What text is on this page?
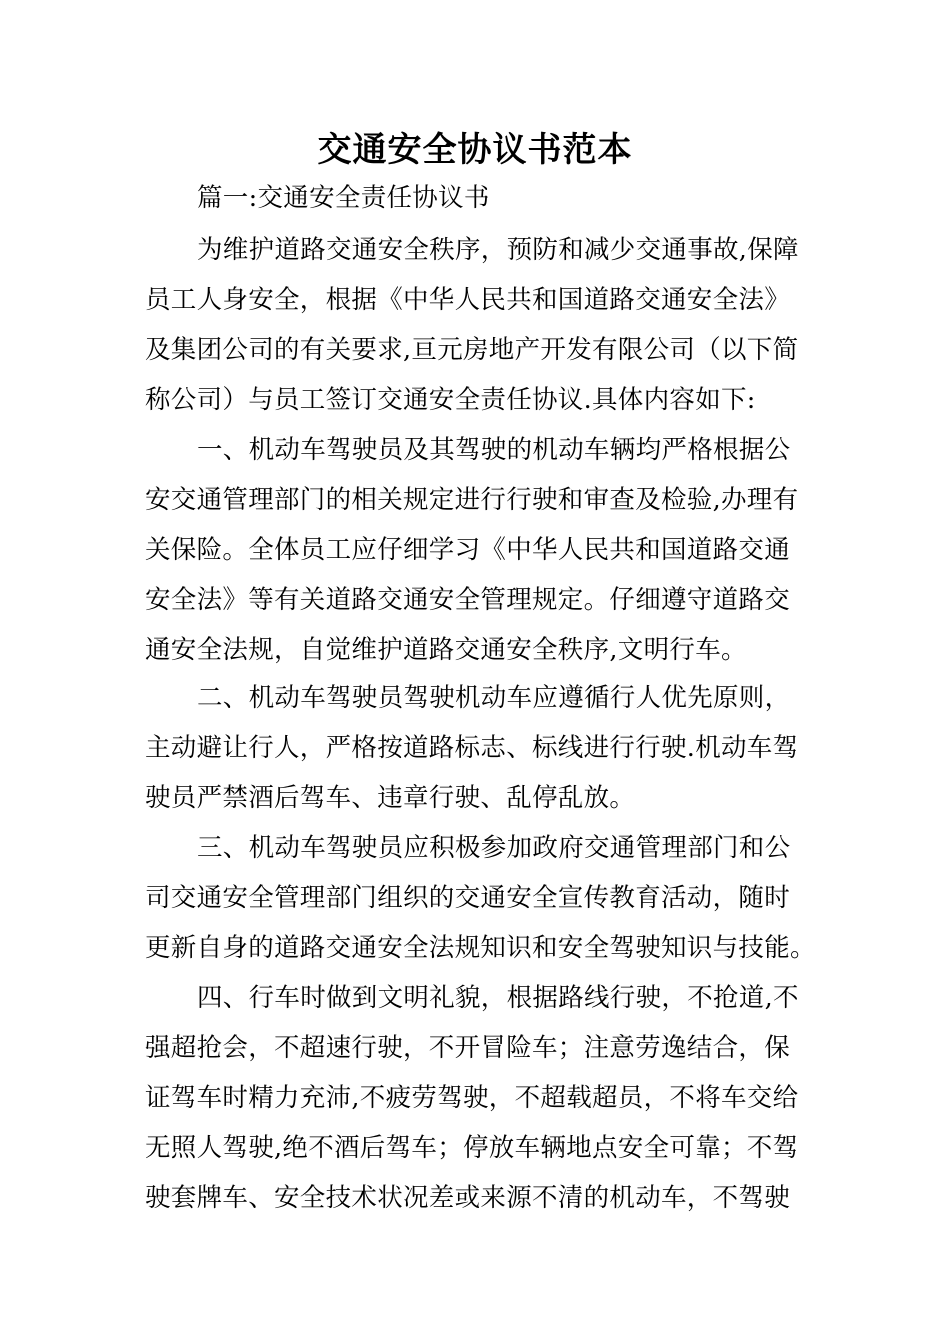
交通安全协议书范本
篇一:交通安全责任协议书
为维护道路交通安全秩序，预防和减少交通事故,保障
员工人身安全，根据《中华人民共和国道路交通安全法》
及集团公司的有关要求,亘元房地产开发有限公司（以下简
称公司）与员工签订交通安全责任协议.具体内容如下:
一、机动车驾驶员及其驾驶的机动车辆均严格根据公
安交通管理部门的相关规定进行行驶和审查及检验,办理有
关保险。全体员工应仔细学习《中华人民共和国道路交通
安全法》等有关道路交通安全管理规定。仔细遵守道路交
通安全法规，自觉维护道路交通安全秩序,文明行车。
二、机动车驾驶员驾驶机动车应遵循行人优先原则，
主动避让行人，严格按道路标志、标线进行行驶.机动车驾
驶员严禁酒后驾车、违章行驶、乱停乱放。
三、机动车驾驶员应积极参加政府交通管理部门和公
司交通安全管理部门组织的交通安全宣传教育活动，随时
更新自身的道路交通安全法规知识和安全驾驶知识与技能。
四、行车时做到文明礼貌，根据路线行驶，不抢道,不
强超抢会，不超速行驶，不开冒险车；注意劳逸结合，保
证驾车时精力充沛,不疲劳驾驶，不超载超员，不将车交给
无照人驾驶,绝不酒后驾车；停放车辆地点安全可靠；不驾
驶套牌车、安全技术状况差或来源不清的机动车，不驾驶
